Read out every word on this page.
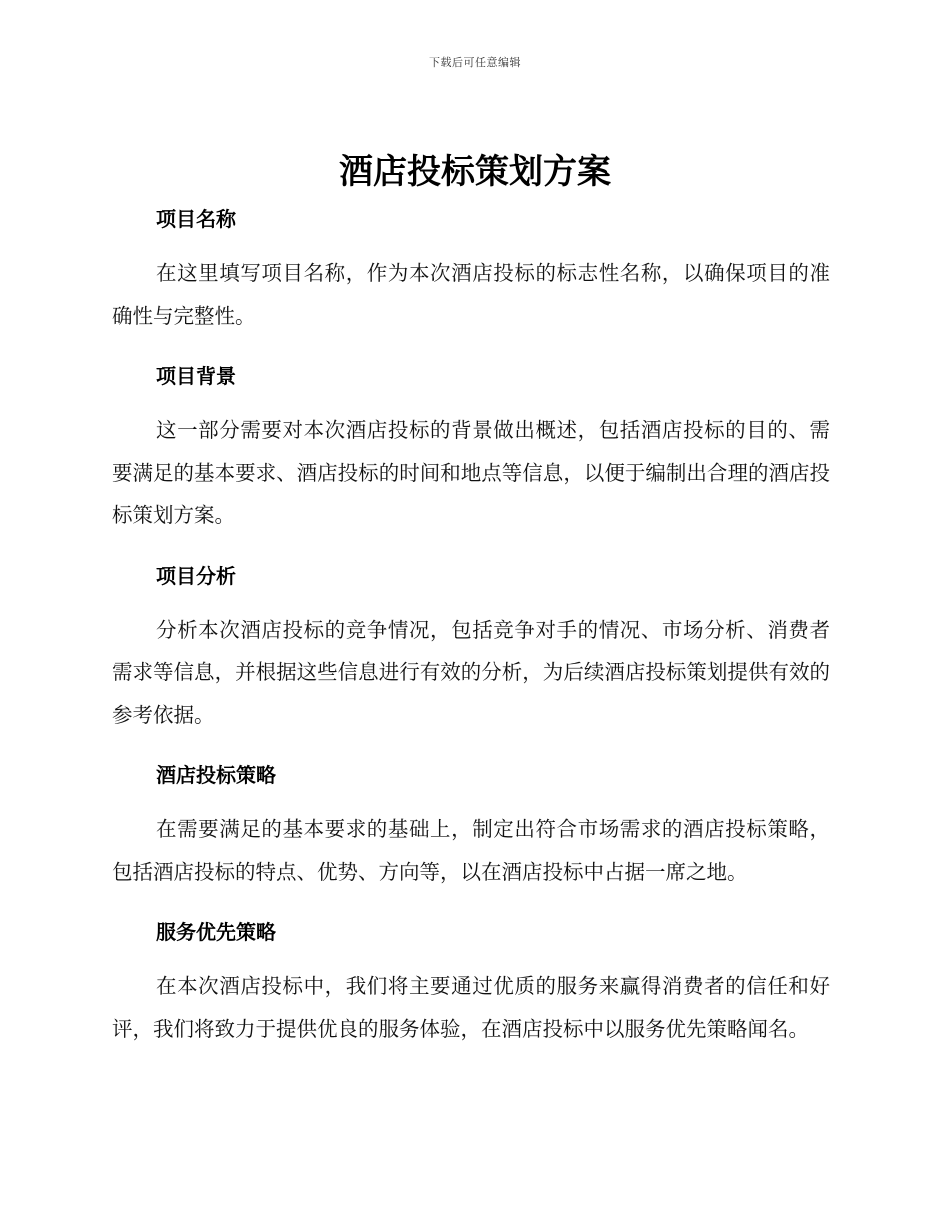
下载后可任意编辑
酒店投标策划方案
项目名称

在这里填写项目名称，作为本次酒店投标的标志性名称，以确保项目的准确性与完整性。

项目背景

这一部分需要对本次酒店投标的背景做出概述，包括酒店投标的目的、需要满足的基本要求、酒店投标的时间和地点等信息，以便于编制出合理的酒店投标策划方案。

项目分析

分析本次酒店投标的竞争情况，包括竞争对手的情况、市场分析、消费者需求等信息，并根据这些信息进行有效的分析，为后续酒店投标策划提供有效的参考依据。

酒店投标策略

在需要满足的基本要求的基础上，制定出符合市场需求的酒店投标策略，包括酒店投标的特点、优势、方向等，以在酒店投标中占据一席之地。

服务优先策略

在本次酒店投标中，我们将主要通过优质的服务来赢得消费者的信任和好评，我们将致力于提供优良的服务体验，在酒店投标中以服务优先策略闻名。
